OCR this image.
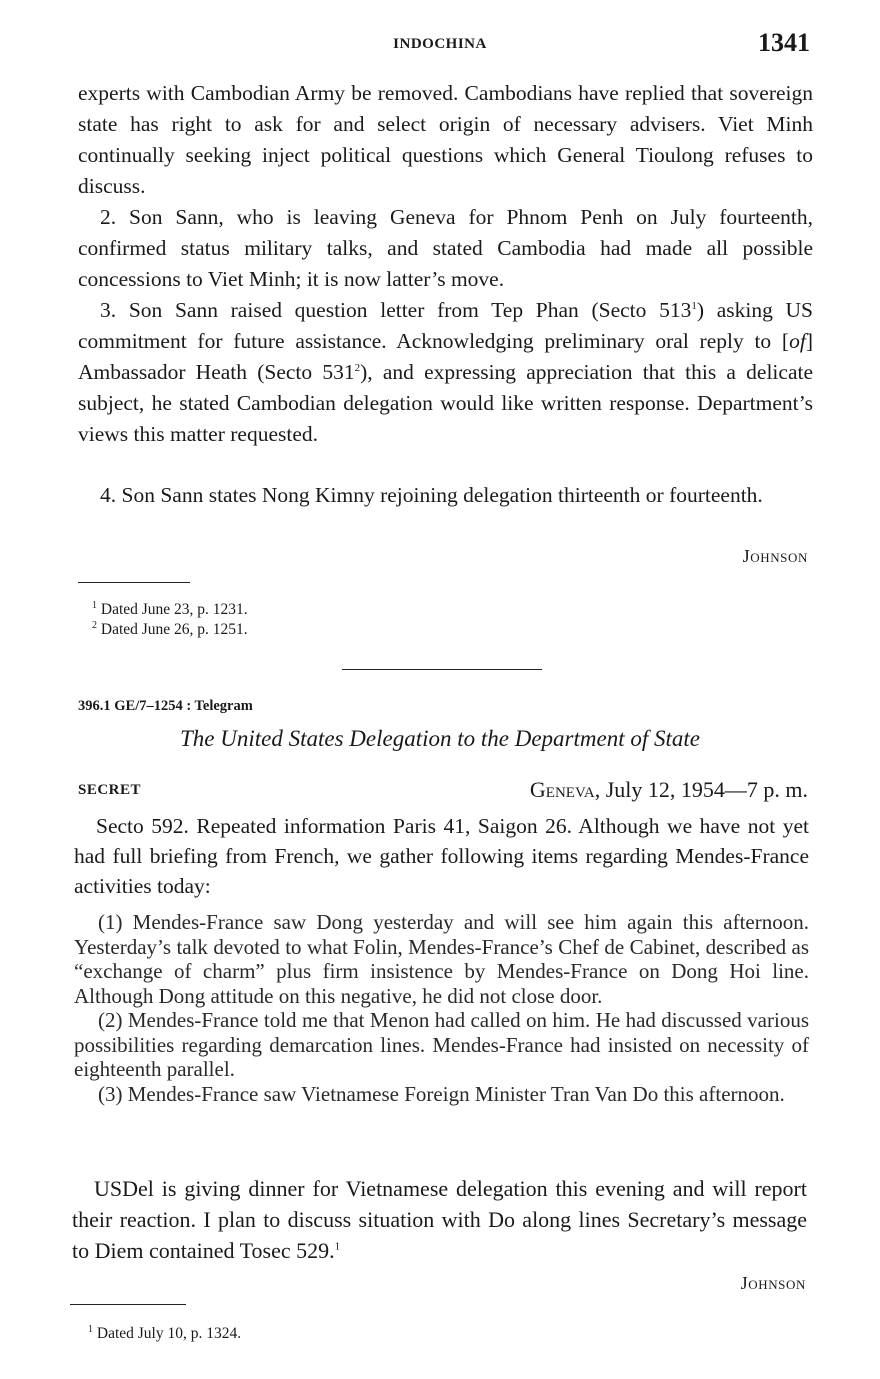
INDOCHINA	1341
experts with Cambodian Army be removed. Cambodians have replied that sovereign state has right to ask for and select origin of necessary advisers. Viet Minh continually seeking inject political questions which General Tioulong refuses to discuss.
2. Son Sann, who is leaving Geneva for Phnom Penh on July fourteenth, confirmed status military talks, and stated Cambodia had made all possible concessions to Viet Minh; it is now latter’s move.
3. Son Sann raised question letter from Tep Phan (Secto $513^1$) asking US commitment for future assistance. Acknowledging preliminary oral reply to [of] Ambassador Heath (Secto $531^2$), and expressing appreciation that this a delicate subject, he stated Cambodian delegation would like written response. Department’s views this matter requested.
4. Son Sann states Nong Kimny rejoining delegation thirteenth or fourteenth.
Johnson
$^1$ Dated June 23, p. 1231.
$^2$ Dated June 26, p. 1251.
396.1 GE/7–1254 : Telegram
The United States Delegation to the Department of State
SECRET	Geneva, July 12, 1954—7 p. m.
Secto 592. Repeated information Paris 41, Saigon 26. Although we have not yet had full briefing from French, we gather following items regarding Mendes-France activities today:

(1) Mendes-France saw Dong yesterday and will see him again this afternoon. Yesterday’s talk devoted to what Folin, Mendes-France’s Chef de Cabinet, described as “exchange of charm” plus firm insistence by Mendes-France on Dong Hoi line. Although Dong attitude on this negative, he did not close door.

(2) Mendes-France told me that Menon had called on him. He had discussed various possibilities regarding demarcation lines. Mendes-France had insisted on necessity of eighteenth parallel.

(3) Mendes-France saw Vietnamese Foreign Minister Tran Van Do this afternoon.

USDel is giving dinner for Vietnamese delegation this evening and will report their reaction. I plan to discuss situation with Do along lines Secretary’s message to Diem contained Tosec 529.$^1$
Johnson
$^1$ Dated July 10, p. 1324.
